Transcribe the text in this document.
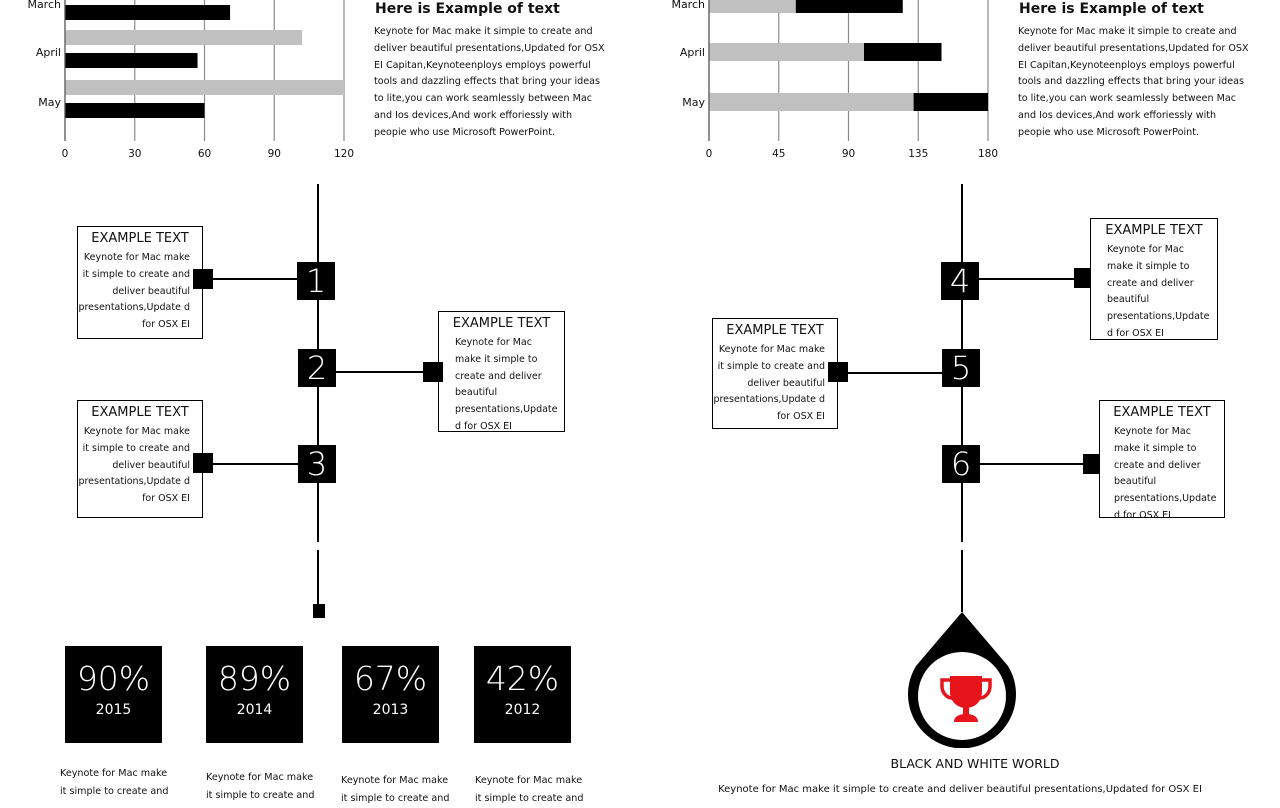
0	30	60	90	120
March
April
May
Here is Example of text
Keynote for Mac make it simple to create and deliver beautiful presentations,Updated for OSX EI Capitan,Keynoteenploys employs powerful tools and dazzling effects that bring your ideas to lite,you can work seamlessly between Mac and Ios devices,And work efforiessly with peopie who use Microsoft PowerPoint.
0	45	90	135	180
March
April
May
Here is Example of text
Keynote for Mac make it simple to create and deliver beautiful presentations,Updated for OSX EI Capitan,Keynoteenploys employs powerful tools and dazzling effects that bring your ideas to lite,you can work seamlessly between Mac and Ios devices,And work efforiessly with peopie who use Microsoft PowerPoint.
EXAMPLE TEXT
Keynote for Mac make it simple to create and deliver beautiful presentations,Update d for OSX EI
1
EXAMPLE TEXT
Keynote for Mac make it simple to create and deliver beautiful presentations,Update d for OSX EI
2
EXAMPLE TEXT
Keynote for Mac make it simple to create and deliver beautiful presentations,Update d for OSX EI
3
4
EXAMPLE TEXT
Keynote for Mac make it simple to create and deliver beautiful presentations,Update d for OSX EI
EXAMPLE TEXT
Keynote for Mac make it simple to create and deliver beautiful presentations,Update d for OSX EI
5
6
EXAMPLE TEXT
Keynote for Mac make it simple to create and deliver beautiful presentations,Update d for OSX EI
90%
2015
89%
2014
67%
2013
42%
2012
Keynote for Mac make it simple to create and
Keynote for Mac make it simple to create and
Keynote for Mac make it simple to create and
Keynote for Mac make it simple to create and
BLACK AND WHITE WORLD
Keynote for Mac make it simple to create and deliver beautiful presentations,Updated for OSX EI
